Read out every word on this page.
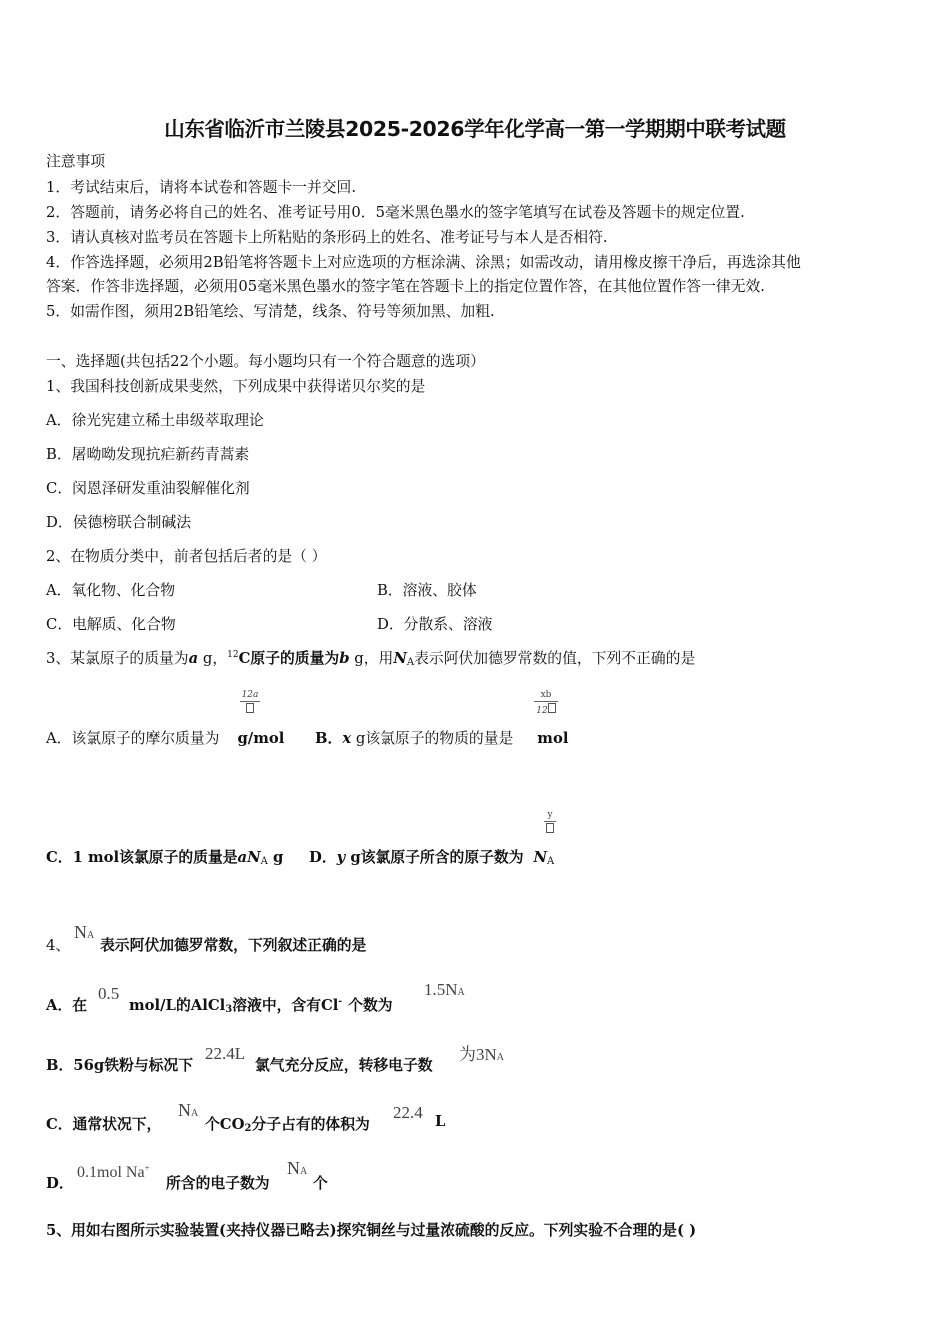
山东省临沂市兰陵县2025-2026学年化学高一第一学期期中联考试题
注意事项
1．考试结束后，请将本试卷和答题卡一并交回.
2．答题前，请务必将自己的姓名、准考证号用0．5毫米黑色墨水的签字笔填写在试卷及答题卡的规定位置.
3．请认真核对监考员在答题卡上所粘贴的条形码上的姓名、准考证号与本人是否相符.
4．作答选择题，必须用2B铅笔将答题卡上对应选项的方框涂满、涂黑；如需改动，请用橡皮擦干净后，再选涂其他
答案．作答非选择题，必须用05毫米黑色墨水的签字笔在答题卡上的指定位置作答，在其他位置作答一律无效.
5．如需作图，须用2B铅笔绘、写清楚，线条、符号等须加黑、加粗.
一、选择题(共包括22个小题。每小题均只有一个符合题意的选项）
1、我国科技创新成果斐然，下列成果中获得诺贝尔奖的是
A．徐光宪建立稀土串级萃取理论
B．屠呦呦发现抗疟新药青蒿素
C．闵恩泽研发重油裂解催化剂
D．侯德榜联合制碱法
2、在物质分类中，前者包括后者的是（ ）
A．氧化物、化合物	B．溶液、胶体
C．电解质、化合物	D．分散系、溶液
3、某氯原子的质量为a g，$^{12}$C原子的质量为b g，用$N_A$表示阿伏加德罗常数的值，下列不正确的是
12a	xb
12
A．该氯原子的摩尔质量为 g/mol B．x g该氯原子的物质的量是 mol
y
C．1 mol该氯原子的质量是$aN_A$ g D．y g该氯原子所含的原子数为 $N_A$
4、
NA
表示阿伏加德罗常数，下列叙述正确的是
A．在
0.5
mol/L的AlCl$_3$溶液中，含有Cl- 个数为
1.5NA
B．56g铁粉与标况下
22.4L
氯气充分反应，转移电子数
为3NA
C．通常状况下，
NA
个$CO_2$分子占有的体积为
22.4 L
D．
0.1mol Na+
所含的电子数为
NA
个
5、用如右图所示实验装置(夹持仪器已略去)探究铜丝与过量浓硫酸的反应。下列实验不合理的是( )
